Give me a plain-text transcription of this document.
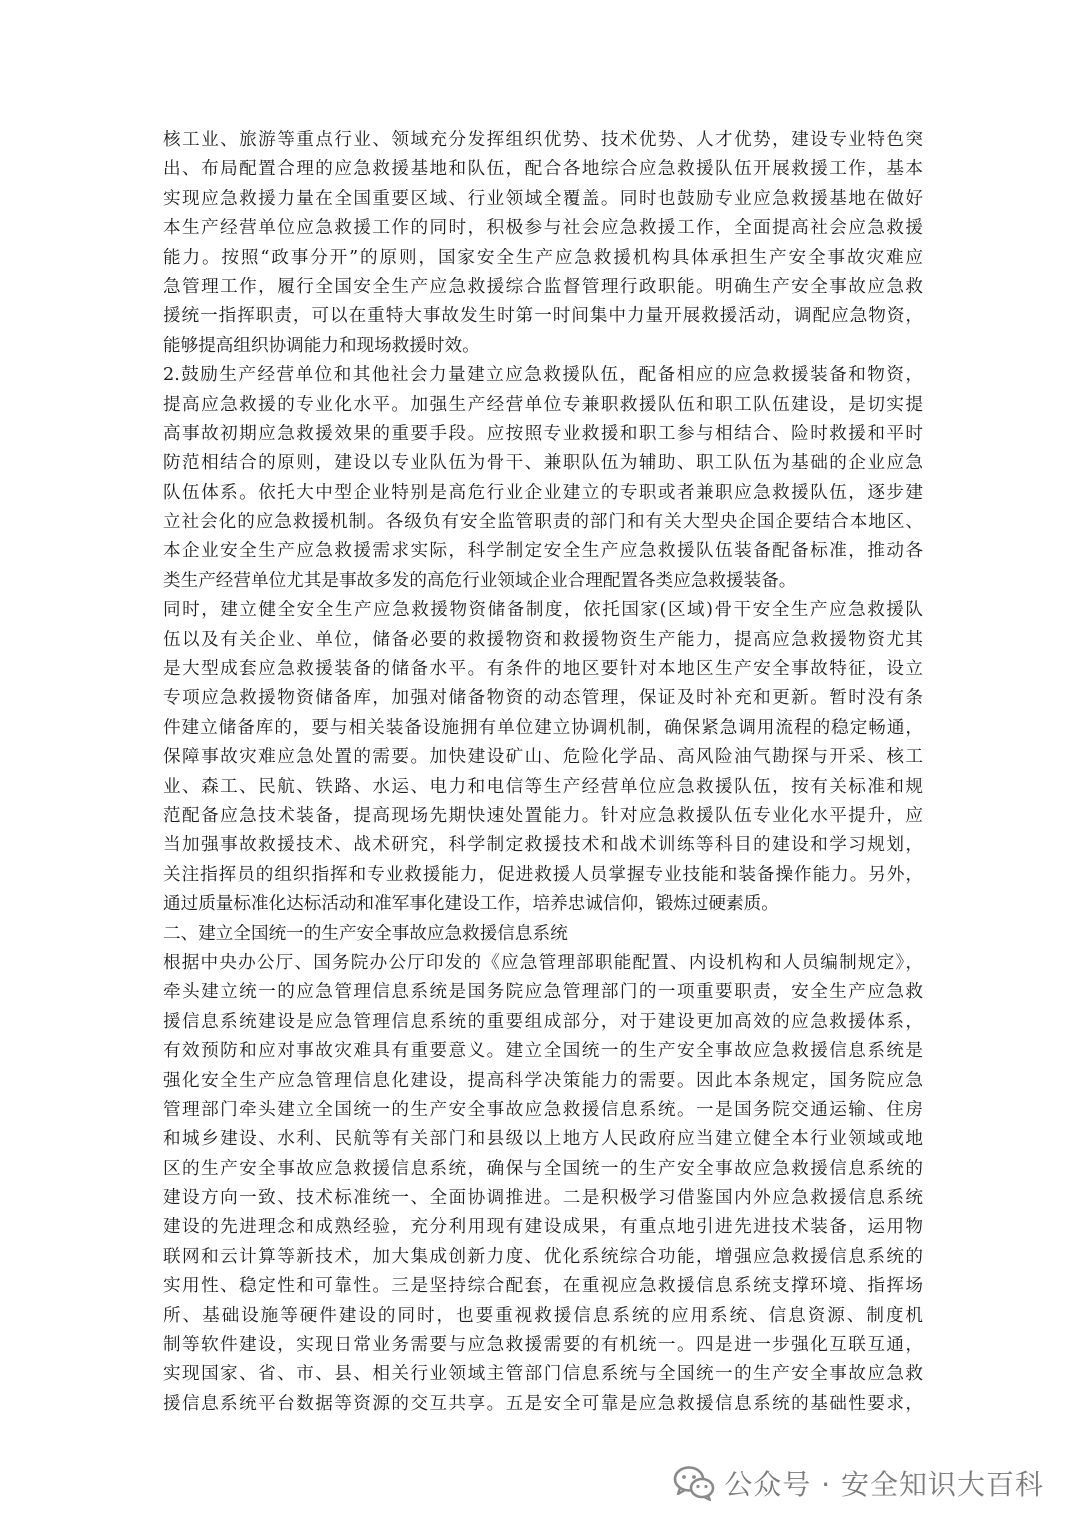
核工业、旅游等重点行业、领域充分发挥组织优势、技术优势、人才优势，建设专业特色突
出、布局配置合理的应急救援基地和队伍，配合各地综合应急救援队伍开展救援工作，基本
实现应急救援力量在全国重要区域、行业领域全覆盖。同时也鼓励专业应急救援基地在做好
本生产经营单位应急救援工作的同时，积极参与社会应急救援工作，全面提高社会应急救援
能力。按照“政事分开”的原则，国家安全生产应急救援机构具体承担生产安全事故灾难应
急管理工作，履行全国安全生产应急救援综合监督管理行政职能。明确生产安全事故应急救
援统一指挥职责，可以在重特大事故发生时第一时间集中力量开展救援活动，调配应急物资，
能够提高组织协调能力和现场救援时效。
2.鼓励生产经营单位和其他社会力量建立应急救援队伍，配备相应的应急救援装备和物资，
提高应急救援的专业化水平。加强生产经营单位专兼职救援队伍和职工队伍建设，是切实提
高事故初期应急救援效果的重要手段。应按照专业救援和职工参与相结合、险时救援和平时
防范相结合的原则，建设以专业队伍为骨干、兼职队伍为辅助、职工队伍为基础的企业应急
队伍体系。依托大中型企业特别是高危行业企业建立的专职或者兼职应急救援队伍，逐步建
立社会化的应急救援机制。各级负有安全监管职责的部门和有关大型央企国企要结合本地区、
本企业安全生产应急救援需求实际，科学制定安全生产应急救援队伍装备配备标准，推动各
类生产经营单位尤其是事故多发的高危行业领域企业合理配置各类应急救援装备。
同时，建立健全安全生产应急救援物资储备制度，依托国家(区域)骨干安全生产应急救援队
伍以及有关企业、单位，储备必要的救援物资和救援物资生产能力，提高应急救援物资尤其
是大型成套应急救援装备的储备水平。有条件的地区要针对本地区生产安全事故特征，设立
专项应急救援物资储备库，加强对储备物资的动态管理，保证及时补充和更新。暂时没有条
件建立储备库的，要与相关装备设施拥有单位建立协调机制，确保紧急调用流程的稳定畅通，
保障事故灾难应急处置的需要。加快建设矿山、危险化学品、高风险油气勘探与开采、核工
业、森工、民航、铁路、水运、电力和电信等生产经营单位应急救援队伍，按有关标准和规
范配备应急技术装备，提高现场先期快速处置能力。针对应急救援队伍专业化水平提升，应
当加强事故救援技术、战术研究，科学制定救援技术和战术训练等科目的建设和学习规划，
关注指挥员的组织指挥和专业救援能力，促进救援人员掌握专业技能和装备操作能力。另外，
通过质量标准化达标活动和准军事化建设工作，培养忠诚信仰，锻炼过硬素质。
二、建立全国统一的生产安全事故应急救援信息系统
根据中央办公厅、国务院办公厅印发的《应急管理部职能配置、内设机构和人员编制规定》，
牵头建立统一的应急管理信息系统是国务院应急管理部门的一项重要职责，安全生产应急救
援信息系统建设是应急管理信息系统的重要组成部分，对于建设更加高效的应急救援体系，
有效预防和应对事故灾难具有重要意义。建立全国统一的生产安全事故应急救援信息系统是
强化安全生产应急管理信息化建设，提高科学决策能力的需要。因此本条规定，国务院应急
管理部门牵头建立全国统一的生产安全事故应急救援信息系统。一是国务院交通运输、住房
和城乡建设、水利、民航等有关部门和县级以上地方人民政府应当建立健全本行业领域或地
区的生产安全事故应急救援信息系统，确保与全国统一的生产安全事故应急救援信息系统的
建设方向一致、技术标准统一、全面协调推进。二是积极学习借鉴国内外应急救援信息系统
建设的先进理念和成熟经验，充分利用现有建设成果，有重点地引进先进技术装备，运用物
联网和云计算等新技术，加大集成创新力度、优化系统综合功能，增强应急救援信息系统的
实用性、稳定性和可靠性。三是坚持综合配套，在重视应急救援信息系统支撑环境、指挥场
所、基础设施等硬件建设的同时，也要重视救援信息系统的应用系统、信息资源、制度机
制等软件建设，实现日常业务需要与应急救援需要的有机统一。四是进一步强化互联互通，
实现国家、省、市、县、相关行业领域主管部门信息系统与全国统一的生产安全事故应急救
援信息系统平台数据等资源的交互共享。五是安全可靠是应急救援信息系统的基础性要求，
公众号 · 安全知识大百科
